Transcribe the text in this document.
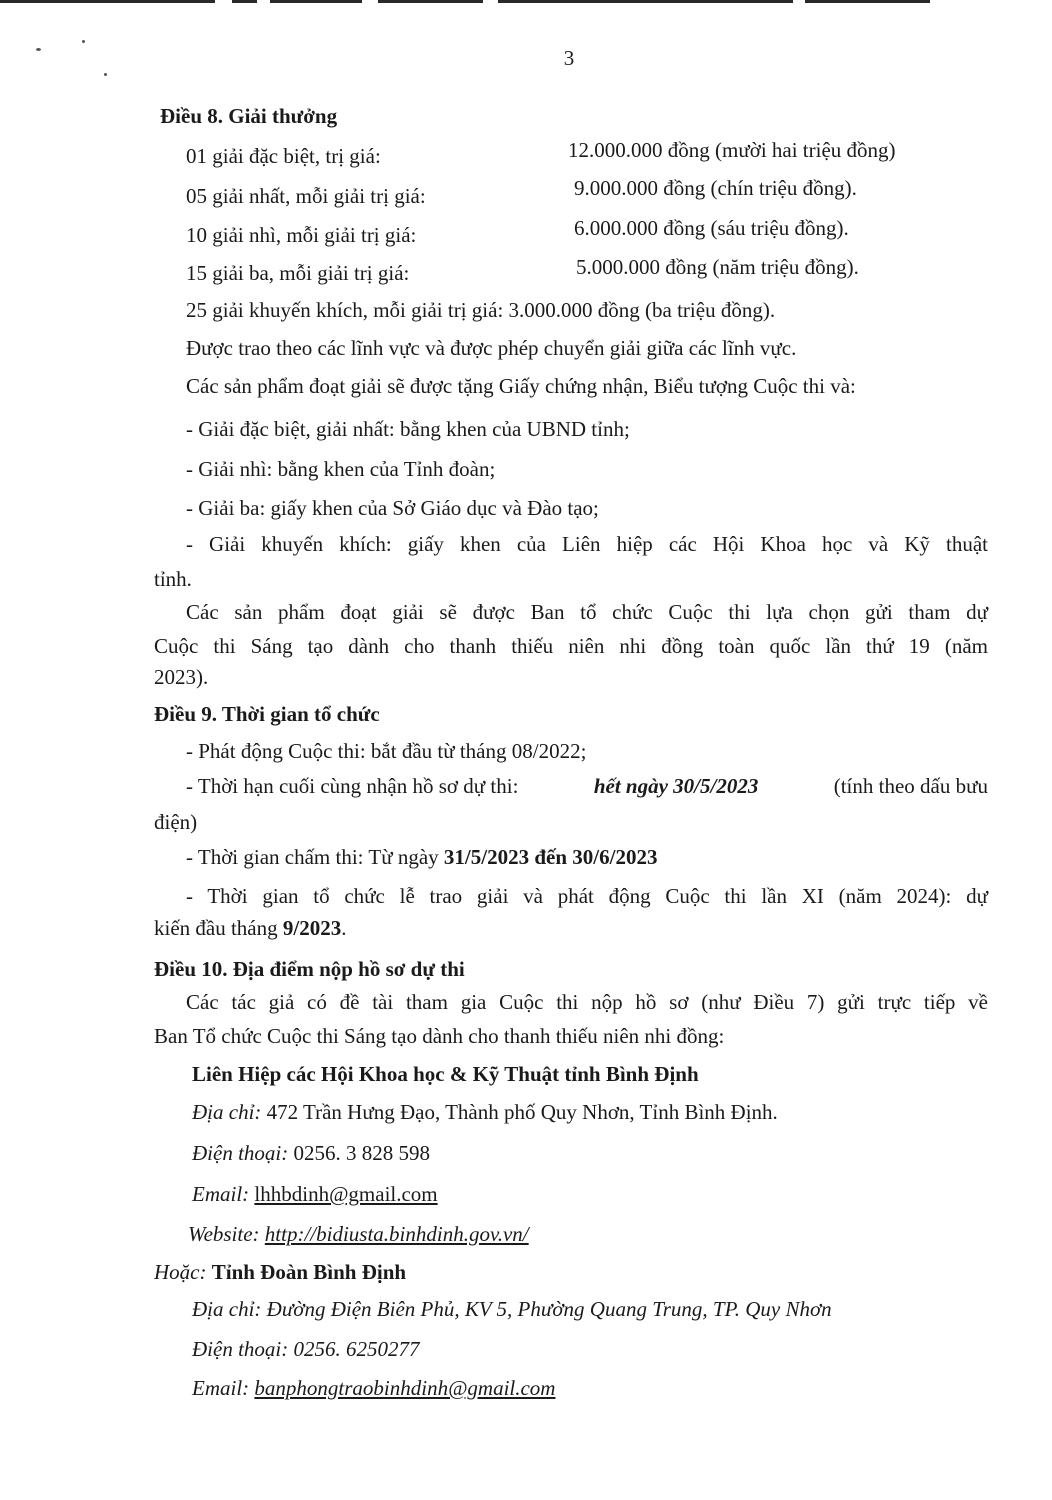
3
Điều 8. Giải thưởng
01 giải đặc biệt, trị giá:	12.000.000 đồng (mười hai triệu đồng)
05 giải nhất, mỗi giải trị giá:	9.000.000 đồng (chín triệu đồng).
10 giải nhì, mỗi giải trị giá:	6.000.000 đồng (sáu triệu đồng).
15 giải ba, mỗi giải trị giá:	5.000.000 đồng (năm triệu đồng).
25 giải khuyến khích, mỗi giải trị giá: 3.000.000 đồng (ba triệu đồng).
Được trao theo các lĩnh vực và được phép chuyển giải giữa các lĩnh vực.
Các sản phẩm đoạt giải sẽ được tặng Giấy chứng nhận, Biểu tượng Cuộc thi và:
- Giải đặc biệt, giải nhất: bằng khen của UBND tỉnh;
- Giải nhì: bằng khen của Tỉnh đoàn;
- Giải ba: giấy khen của Sở Giáo dục và Đào tạo;
- Giải khuyến khích: giấy khen của Liên hiệp các Hội Khoa học và Kỹ thuật
tỉnh.
Các sản phẩm đoạt giải sẽ được Ban tổ chức Cuộc thi lựa chọn gửi tham dự
Cuộc thi Sáng tạo dành cho thanh thiếu niên nhi đồng toàn quốc lần thứ 19 (năm
2023).
Điều 9. Thời gian tổ chức
- Phát động Cuộc thi: bắt đầu từ tháng 08/2022;
- Thời hạn cuối cùng nhận hồ sơ dự thi:	hết ngày 30/5/2023	(tính theo dấu bưu
điện)
- Thời gian chấm thi: Từ ngày 31/5/2023 đến 30/6/2023
- Thời gian tổ chức lễ trao giải và phát động Cuộc thi lần XI (năm 2024): dự
kiến đầu tháng 9/2023.
Điều 10. Địa điểm nộp hồ sơ dự thi
Các tác giả có đề tài tham gia Cuộc thi nộp hồ sơ (như Điều 7) gửi trực tiếp về
Ban Tổ chức Cuộc thi Sáng tạo dành cho thanh thiếu niên nhi đồng:
Liên Hiệp các Hội Khoa học & Kỹ Thuật tỉnh Bình Định
Địa chỉ: 472 Trần Hưng Đạo, Thành phố Quy Nhơn, Tỉnh Bình Định.
Điện thoại: 0256. 3 828 598
Email: lhhbdinh@gmail.com
Website: http://bidiusta.binhdinh.gov.vn/
Hoặc: Tỉnh Đoàn Bình Định
Địa chỉ: Đường Điện Biên Phủ, KV 5, Phường Quang Trung, TP. Quy Nhơn
Điện thoại: 0256. 6250277
Email: banphongtraobinhdinh@gmail.com
